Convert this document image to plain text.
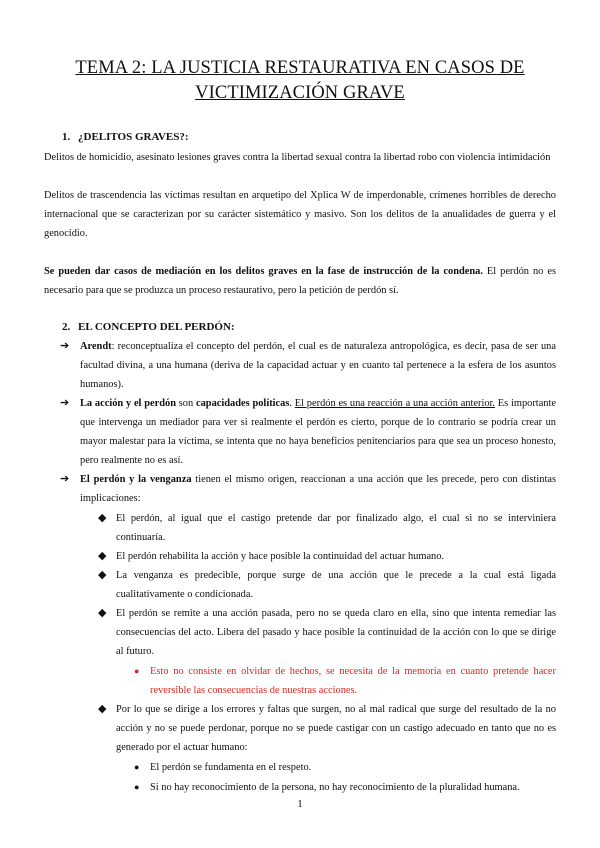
TEMA 2: LA JUSTICIA RESTAURATIVA EN CASOS DE
VICTIMIZACIÓN GRAVE
1. ¿DELITOS GRAVES?:

Delitos de homicidio, asesinato lesiones graves contra la libertad sexual contra la libertad robo con violencia intimidación

Delitos de trascendencia las víctimas resultan en arquetipo del Xplica W de imperdonable, crímenes horribles de derecho internacional que se caracterizan por su carácter sistemático y masivo. Son los delitos de la anualidades de guerra y el genocidio.

Se pueden dar casos de mediación en los delitos graves en la fase de instrucción de la condena. El perdón no es necesario para que se produzca un proceso restaurativo, pero la petición de perdón sí.

2. EL CONCEPTO DEL PERDÓN:
➔ Arendt: reconceptualiza el concepto del perdón, el cual es de naturaleza antropológica, es decir, pasa de ser una facultad divina, a una humana (deriva de la capacidad actuar y en cuanto tal pertenece a la esfera de los asuntos humanos).

➔ La acción y el perdón son capacidades políticas. El perdón es una reacción a una acción anterior. Es importante que intervenga un mediador para ver si realmente el perdón es cierto, porque de lo contrario se podría crear un mayor malestar para la víctima, se intenta que no haya beneficios penitenciarios para que sea un proceso honesto, pero realmente no es así.

➔ El perdón y la venganza tienen el mismo origen, reaccionan a una acción que les precede, pero con distintas implicaciones:

◆ El perdón, al igual que el castigo pretende dar por finalizado algo, el cual si no se interviniera continuaría.

◆ El perdón rehabilita la acción y hace posible la continuidad del actuar humano.

◆ La venganza es predecible, porque surge de una acción que le precede a la cual está ligada cualitativamente o condicionada.

◆ El perdón se remite a una acción pasada, pero no se queda claro en ella, sino que intenta remediar las consecuencias del acto. Libera del pasado y hace posible la continuidad de la acción con lo que se dirige al futuro.

● Esto no consiste en olvidar de hechos, se necesita de la memoria en cuanto pretende hacer reversible las consecuencias de nuestras acciones.

◆ Por lo que se dirige a los errores y faltas que surgen, no al mal radical que surge del resultado de la no acción y no se puede perdonar, porque no se puede castigar con un castigo adecuado en tanto que no es generado por el actuar humano:

● El perdón se fundamenta en el respeto.

● Si no hay reconocimiento de la persona, no hay reconocimiento de la pluralidad humana.

1
